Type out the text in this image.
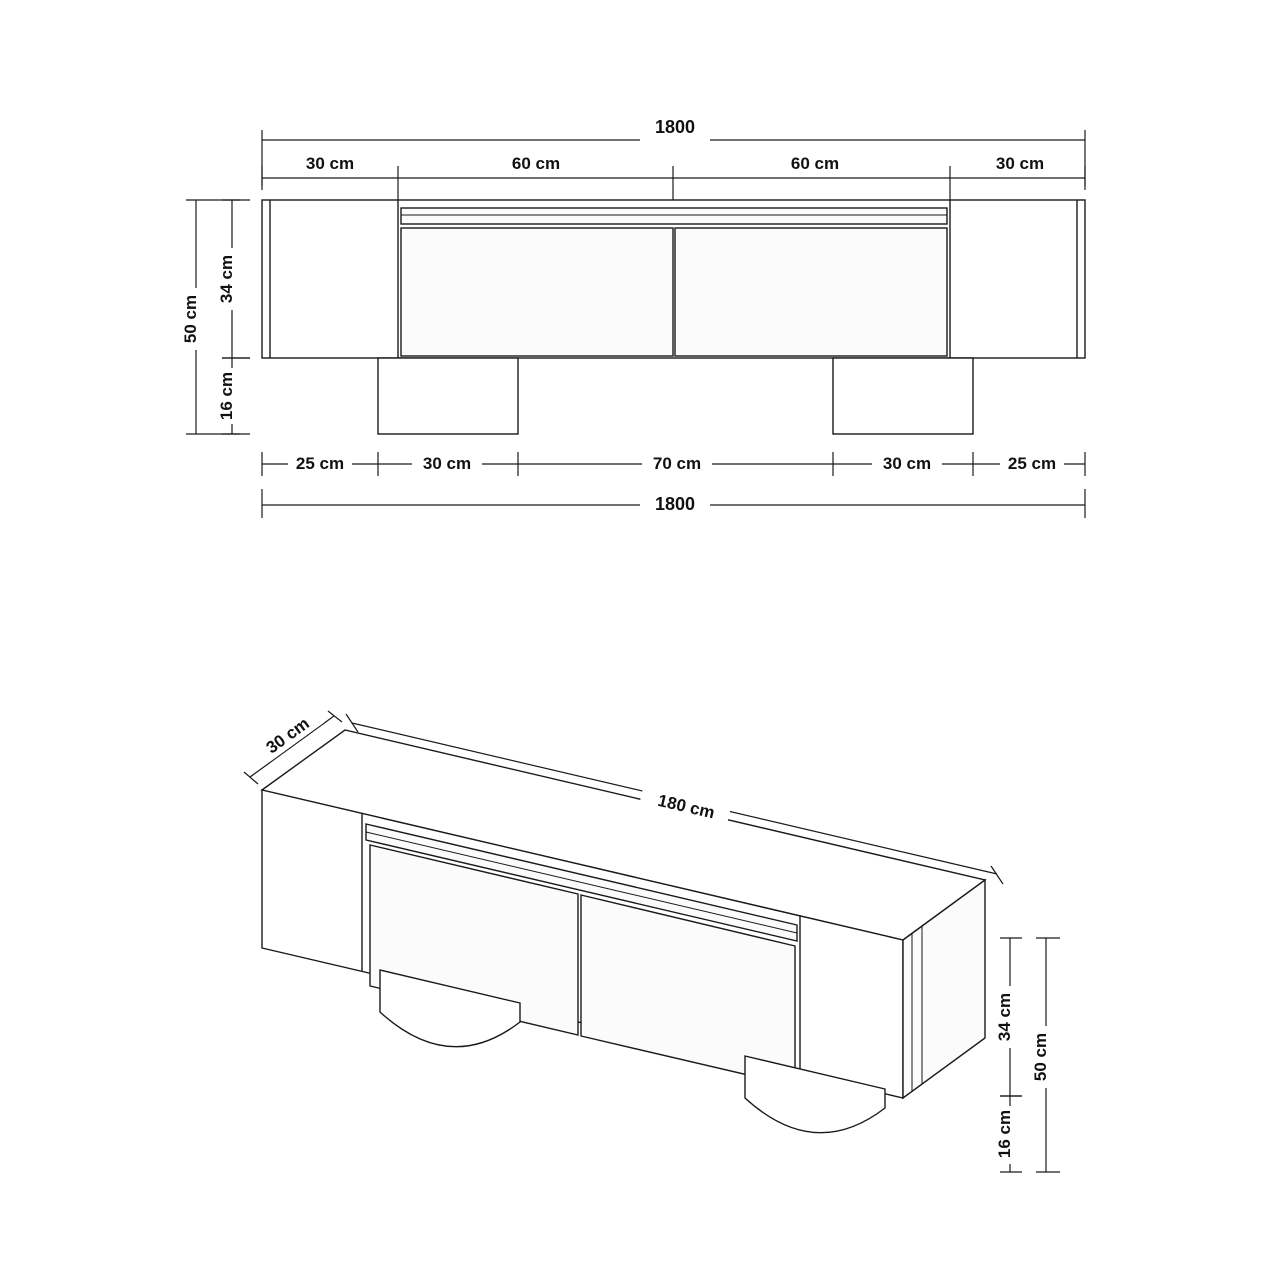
1800
30 cm	60 cm	60 cm	30 cm
50 cm
34 cm
16 cm
25 cm	30 cm	70 cm	30 cm	25 cm
1800
30 cm
180 cm
50 cm
34 cm
16 cm
